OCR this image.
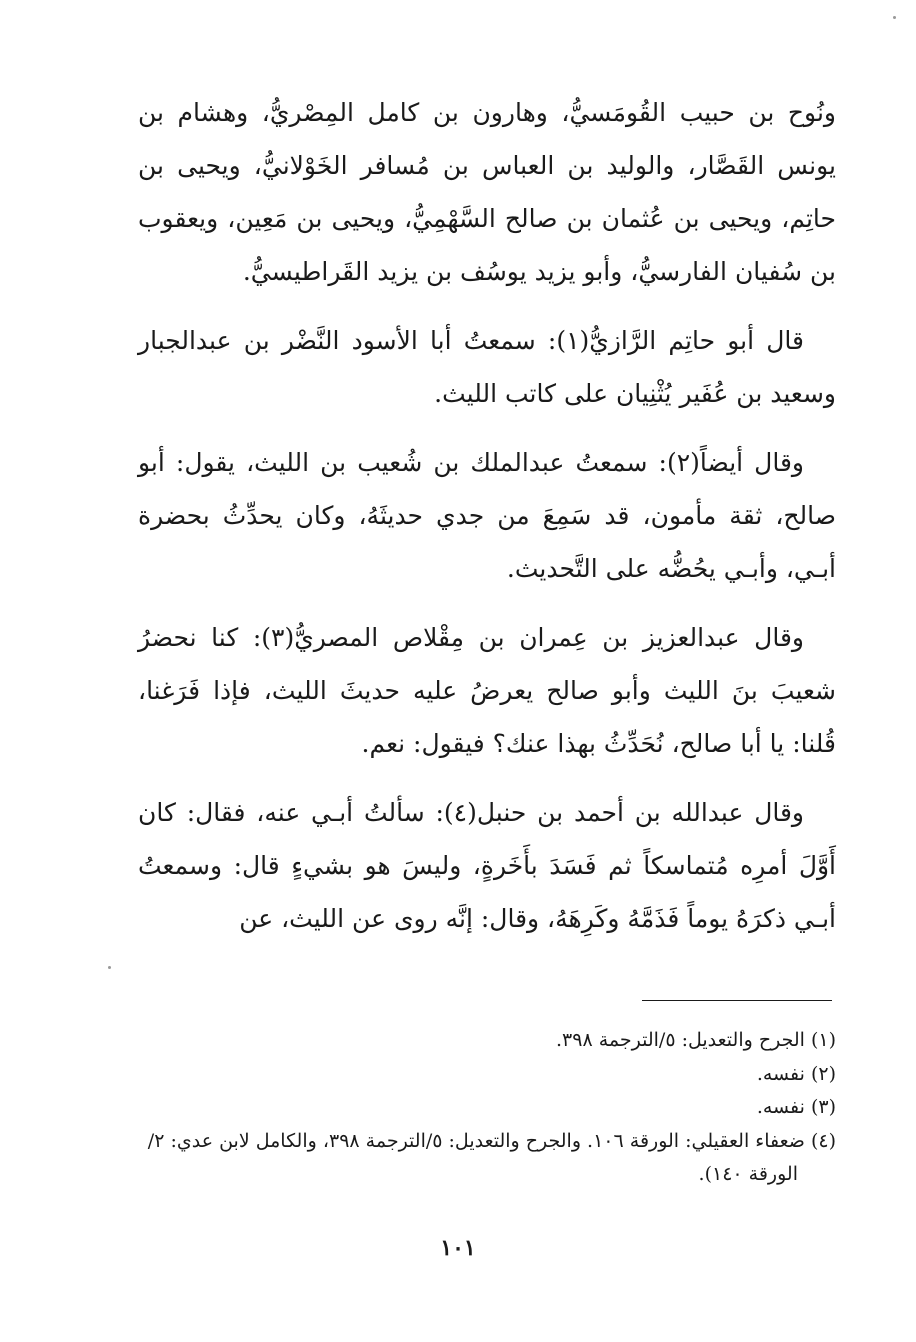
ونُوح بن حبيب القُومَسيُّ، وهارون بن كامل المِصْريُّ، وهشام بن يونس القَصَّار، والوليد بن العباس بن مُسافر الخَوْلانيُّ، ويحيى بن حاتِم، ويحيى بن عُثمان بن صالح السَّهْمِيُّ، ويحيى بن مَعِين، ويعقوب بن سُفيان الفارسيُّ، وأبو يزيد يوسُف بن يزيد القَراطيسيُّ.

قال أبو حاتِم الرَّازيُّ(١): سمعتُ أبا الأسود النَّضْر بن عبدالجبار وسعيد بن عُفَير يُثْنِيان على كاتب الليث.

وقال أيضاً(٢): سمعتُ عبدالملك بن شُعيب بن الليث، يقول: أبو صالح، ثقة مأمون، قد سَمِعَ من جدي حديثَهُ، وكان يحدِّثُ بحضرة أبـي، وأبـي يحُضُّه على التَّحديث.

وقال عبدالعزيز بن عِمران بن مِقْلاص المصريُّ(٣): كنا نحضرُ شعيبَ بنَ الليث وأبو صالح يعرضُ عليه حديثَ الليث، فإذا فَرَغنا، قُلنا: يا أبا صالح، نُحَدِّثُ بهذا عنك؟ فيقول: نعم.

وقال عبدالله بن أحمد بن حنبل(٤): سألتُ أبـي عنه، فقال: كان أَوَّلَ أمرِه مُتماسكاً ثم فَسَدَ بأَخَرةٍ، وليسَ هو بشيءٍ قال: وسمعتُ أبـي ذكرَهُ يوماً فَذَمَّهُ وكَرِهَهُ، وقال: إنَّه روى عن الليث، عن

(١) الجرح والتعديل: ٥/الترجمة ٣٩٨.

(٢) نفسه.

(٣) نفسه.

(٤) ضعفاء العقيلي: الورقة ١٠٦. والجرح والتعديل: ٥/الترجمة ٣٩٨، والكامل لابن عدي: ٢/الورقة ١٤٠).

١٠١
